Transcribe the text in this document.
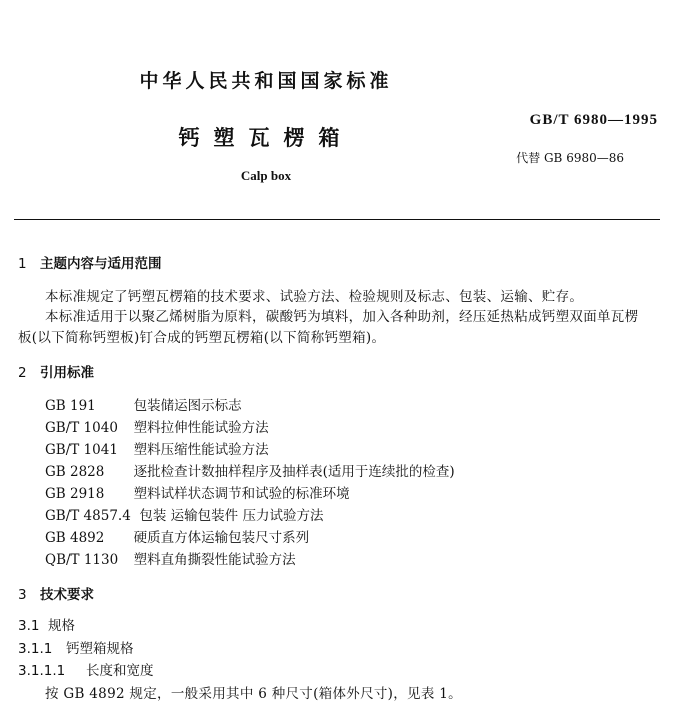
中华人民共和国国家标准
钙塑瓦楞箱
Calp box
GB/T 6980—1995
代替 GB 6980—86
1 主题内容与适用范围
本标准规定了钙塑瓦楞箱的技术要求、试验方法、检验规则及标志、包装、运输、贮存。
本标准适用于以聚乙烯树脂为原料，碳酸钙为填料，加入各种助剂，经压延热粘成钙塑双面单瓦楞
板(以下简称钙塑板)钉合成的钙塑瓦楞箱(以下简称钙塑箱)。
2 引用标准
GB 191	包装储运图示标志
GB/T 1040 塑料拉伸性能试验方法
GB/T 1041 塑料压缩性能试验方法
GB 2828 逐批检查计数抽样程序及抽样表(适用于连续批的检查)
GB 2918 塑料试样状态调节和试验的标准环境
GB/T 4857.4 包装 运输包装件 压力试验方法
GB 4892 硬质直方体运输包装尺寸系列
QB/T 1130 塑料直角撕裂性能试验方法
3 技术要求
3.1 规格
3.1.1 钙塑箱规格
3.1.1.1 长度和宽度
按 GB 4892 规定，一般采用其中 6 种尺寸(箱体外尺寸)，见表 1。
